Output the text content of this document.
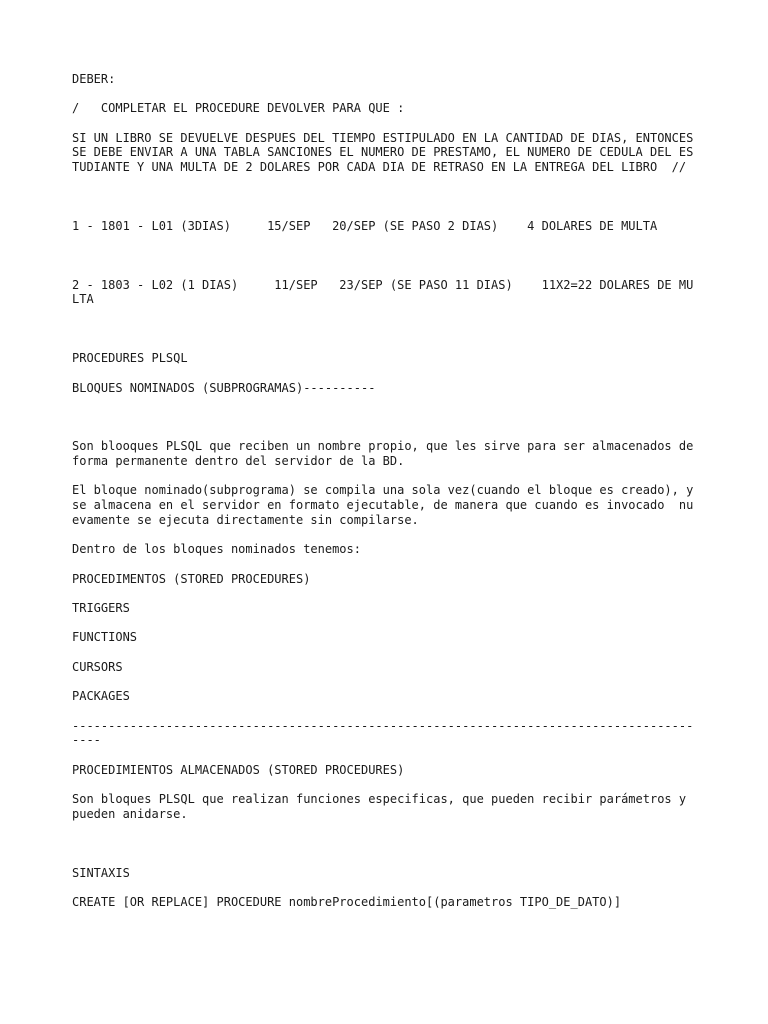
DEBER:

/   COMPLETAR EL PROCEDURE DEVOLVER PARA QUE :

SI UN LIBRO SE DEVUELVE DESPUES DEL TIEMPO ESTIPULADO EN LA CANTIDAD DE DIAS, ENTONCES SE DEBE ENVIAR A UNA TABLA SANCIONES EL NUMERO DE PRESTAMO, EL NUMERO DE CEDULA DEL ESTUDIANTE Y UNA MULTA DE 2 DOLARES POR CADA DIA DE RETRASO EN LA ENTREGA DEL LIBRO  //

1 - 1801 - L01 (3DIAS)     15/SEP   20/SEP (SE PASO 2 DIAS)    4 DOLARES DE MULTA

2 - 1803 - L02 (1 DIAS)     11/SEP   23/SEP (SE PASO 11 DIAS)    11X2=22 DOLARES DE MULTA

PROCEDURES PLSQL

BLOQUES NOMINADOS (SUBPROGRAMAS)----------

Son blooques PLSQL que reciben un nombre propio, que les sirve para ser almacenados de forma permanente dentro del servidor de la BD.

El bloque nominado(subprograma) se compila una sola vez(cuando el bloque es creado), y se almacena en el servidor en formato ejecutable, de manera que cuando es invocado  nuevamente se ejecuta directamente sin compilarse.

Dentro de los bloques nominados tenemos:

PROCEDIMENTOS (STORED PROCEDURES)

TRIGGERS

FUNCTIONS

CURSORS

PACKAGES

------------------------------------------------------------------------------------------

PROCEDIMIENTOS ALMACENADOS (STORED PROCEDURES)

Son bloques PLSQL que realizan funciones especificas, que pueden recibir parámetros y pueden anidarse.

SINTAXIS

CREATE [OR REPLACE] PROCEDURE nombreProcedimiento[(parametros TIPO_DE_DATO)]
